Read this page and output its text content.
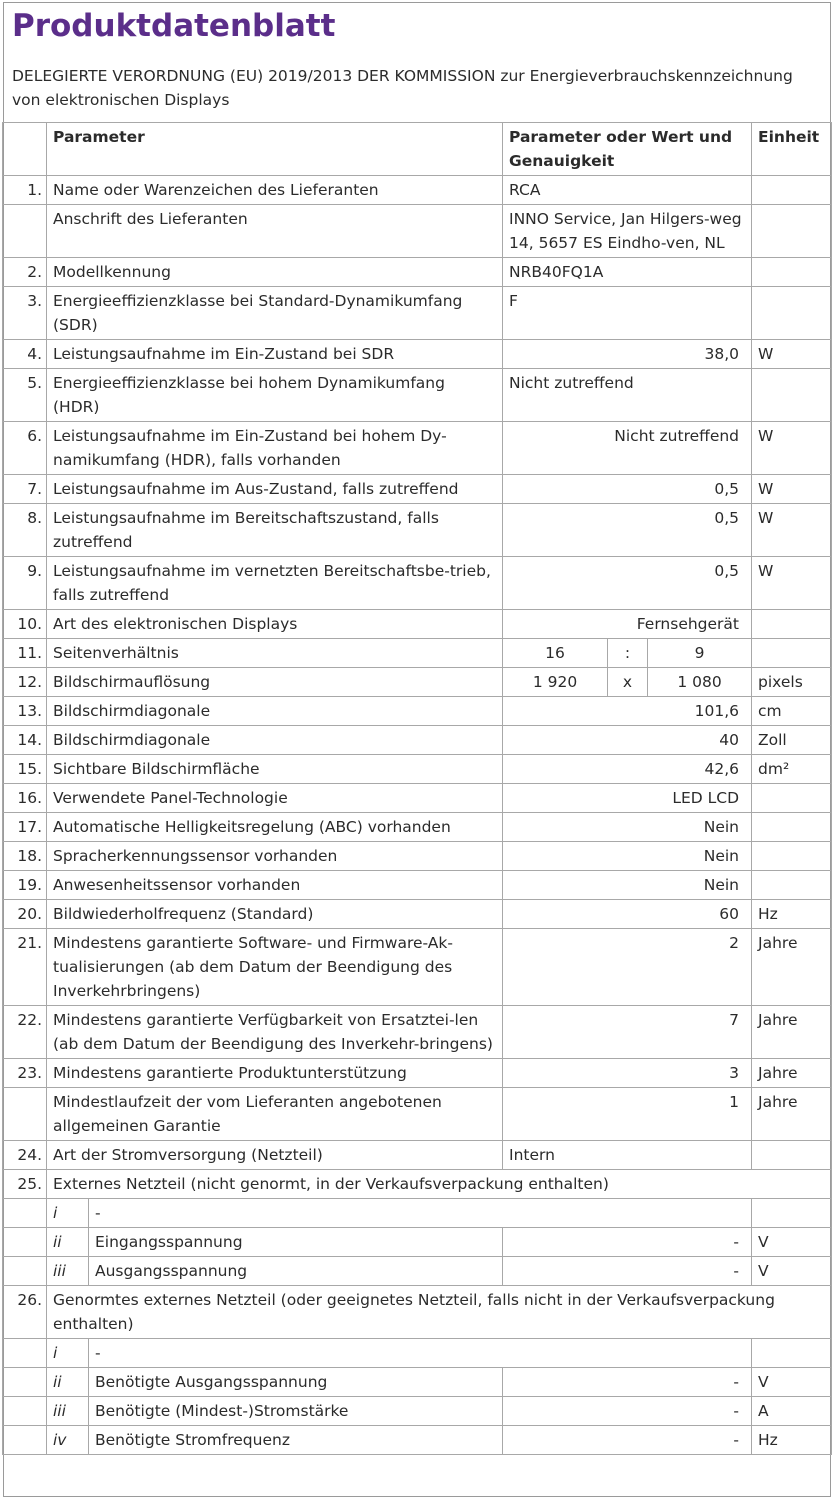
Produktdatenblatt

DELEGIERTE VERORDNUNG (EU) 2019/2013 DER KOMMISSION zur Energieverbrauchskennzeichnung von elektronischen Displays

	Parameter		Parameter oder Wert und Genauigkeit			Einheit
1.	Name oder Warenzeichen des Lieferanten		RCA			
	Anschrift des Lieferanten		INNO Service, Jan Hilgers-weg 14, 5657 ES Eindho-ven, NL			
2.	Modellkennung		NRB40FQ1A			
3.	Energieeffizienzklasse bei Standard-Dynamikumfang (SDR)		F			
4.	Leistungsaufnahme im Ein-Zustand bei SDR		38,0			W
5.	Energieeffizienzklasse bei hohem Dynamikumfang (HDR)		Nicht zutreffend			
6.	Leistungsaufnahme im Ein-Zustand bei hohem Dy-namikumfang (HDR), falls vorhanden		Nicht zutreffend			W
7.	Leistungsaufnahme im Aus-Zustand, falls zutreffend		0,5			W
8.	Leistungsaufnahme im Bereitschaftszustand, falls zutreffend		0,5			W
9.	Leistungsaufnahme im vernetzten Bereitschaftsbe-trieb, falls zutreffend		0,5			W
10.	Art des elektronischen Displays		Fernsehgerät			
11.	Seitenverhältnis		16	:	9	
12.	Bildschirmauflösung		1 920	x	1 080	pixels
13.	Bildschirmdiagonale		101,6			cm
14.	Bildschirmdiagonale		40			Zoll
15.	Sichtbare Bildschirmfläche		42,6			dm²
16.	Verwendete Panel-Technologie		LED LCD			
17.	Automatische Helligkeitsregelung (ABC) vorhanden		Nein			
18.	Spracherkennungssensor vorhanden		Nein			
19.	Anwesenheitssensor vorhanden		Nein			
20.	Bildwiederholfrequenz (Standard)		60			Hz
21.	Mindestens garantierte Software- und Firmware-Ak-tualisierungen (ab dem Datum der Beendigung des Inverkehrbringens)		2			Jahre
22.	Mindestens garantierte Verfügbarkeit von Ersatztei-len (ab dem Datum der Beendigung des Inverkehr-bringens)		7			Jahre
23.	Mindestens garantierte Produktunterstützung		3			Jahre
	Mindestlaufzeit der vom Lieferanten angebotenen allgemeinen Garantie		1			Jahre
24.	Art der Stromversorgung (Netzteil)		Intern			
25.	Externes Netzteil (nicht genormt, in der Verkaufsverpackung enthalten)					
	i	-				
	ii	Eingangsspannung	-			V
	iii	Ausgangsspannung	-			V
26.	Genormtes externes Netzteil (oder geeignetes Netzteil, falls nicht in der Verkaufsverpackung enthalten)					
	i	-				
	ii	Benötigte Ausgangsspannung	-			V
	iii	Benötigte (Mindest-)Stromstärke	-			A
	iv	Benötigte Stromfrequenz	-			Hz
